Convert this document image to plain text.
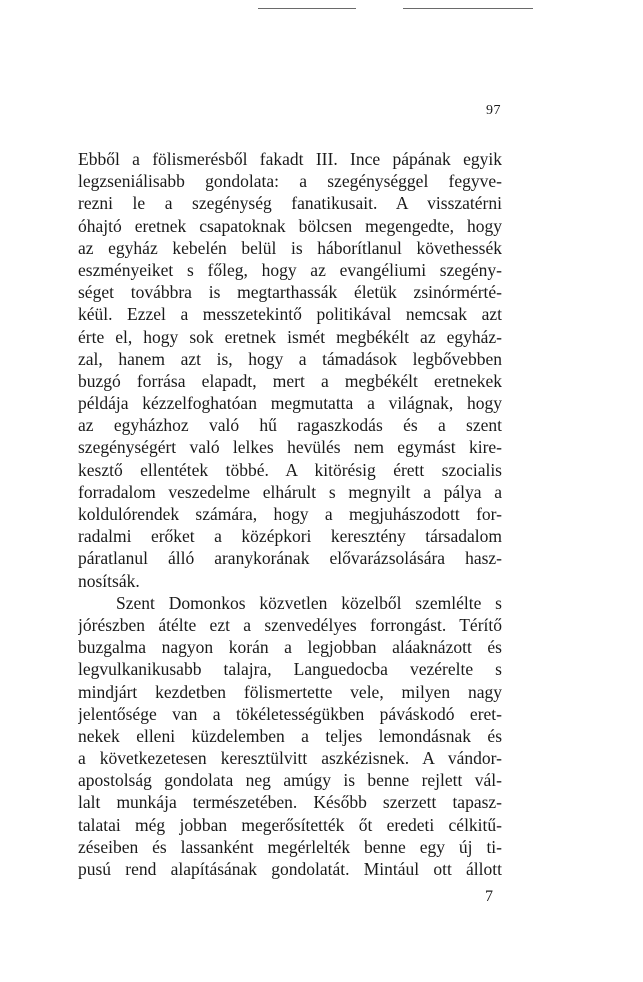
97
Ebből a fölismerésből fakadt III. Ince pápának egyik
legzseniálisabb gondolata: a szegénységgel fegyve-
rezni le a szegénység fanatikusait. A visszatérni
óhajtó eretnek csapatoknak bölcsen megengedte, hogy
az egyház kebelén belül is háborítlanul követhessék
eszményeiket s főleg, hogy az evangéliumi szegény-
séget továbbra is megtarthassák életük zsinórmérté-
kéül. Ezzel a messzetekintő politikával nemcsak azt
érte el, hogy sok eretnek ismét megbékélt az egyház-
zal, hanem azt is, hogy a támadások legbővebben
buzgó forrása elapadt, mert a megbékélt eretnekek
példája kézzelfoghatóan megmutatta a világnak, hogy
az egyházhoz való hű ragaszkodás és a szent
szegénységért való lelkes hevülés nem egymást kire-
kesztő ellentétek többé. A kitörésig érett szocialis
forradalom veszedelme elhárult s megnyilt a pálya a
koldulórendek számára, hogy a megjuhászodott for-
radalmi erőket a középkori keresztény társadalom
páratlanul álló aranykorának elővarázsolására hasz-
nosítsák.
Szent Domonkos közvetlen közelből szemlélte s
jórészben átélte ezt a szenvedélyes forrongást. Térítő
buzgalma nagyon korán a legjobban aláaknázott és
legvulkanikusabb talajra, Languedocba vezérelte s
mindjárt kezdetben fölismertette vele, milyen nagy
jelentősége van a tökéletességükben páváskodó eret-
nekek elleni küzdelemben a teljes lemondásnak és
a következetesen keresztülvitt aszkézisnek. A vándor-
apostolság gondolata neg amúgy is benne rejlett vál-
lalt munkája természetében. Később szerzett tapasz-
talatai még jobban megerősítették őt eredeti célkitű-
zéseiben és lassanként megérlelték benne egy új ti-
pusú rend alapításának gondolatát. Mintául ott állott
7
